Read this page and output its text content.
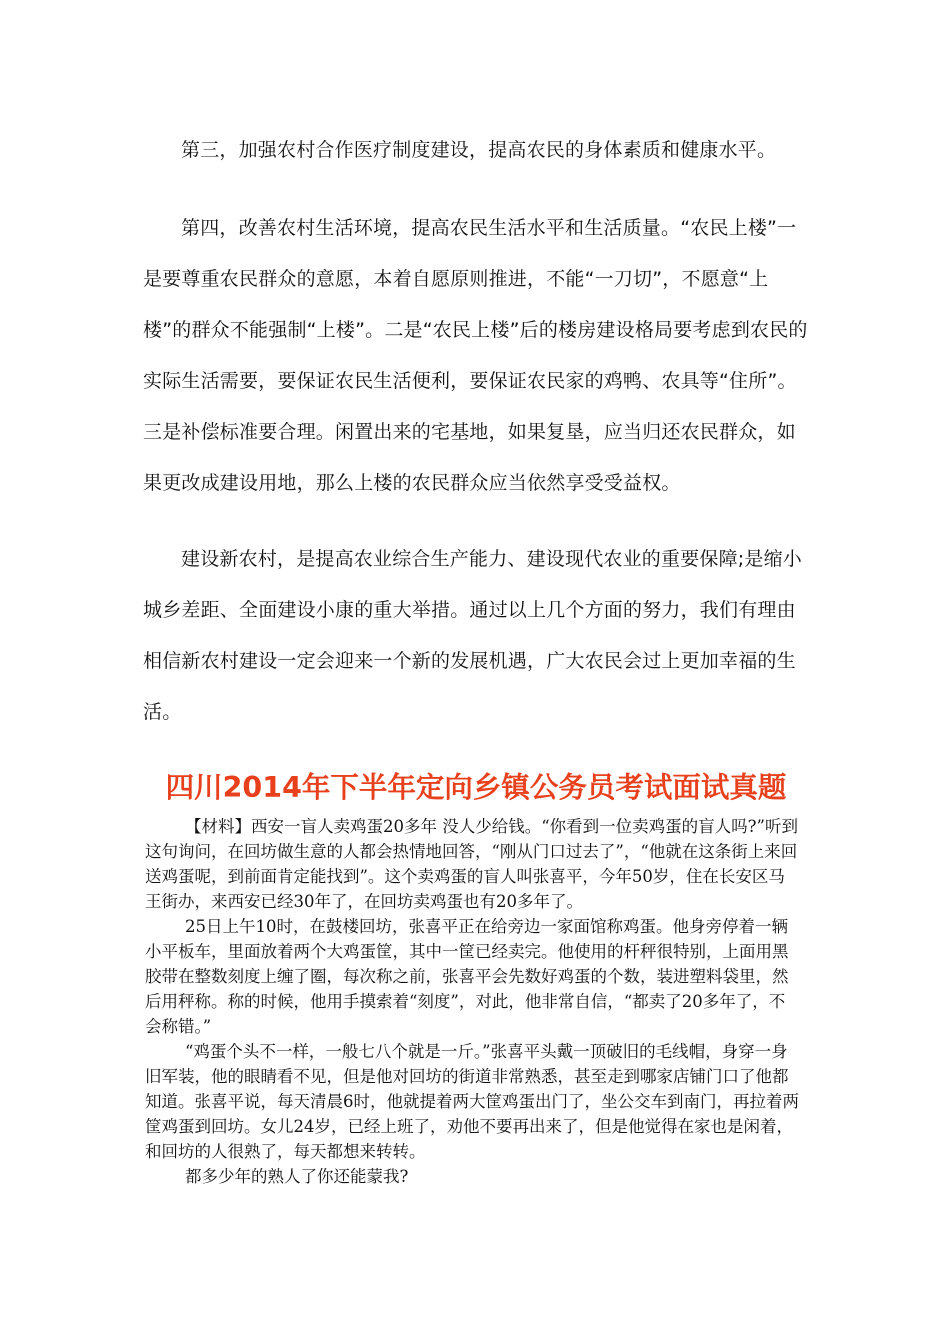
第三，加强农村合作医疗制度建设，提高农民的身体素质和健康水平。

第四，改善农村生活环境，提高农民生活水平和生活质量。“农民上楼”一是要尊重农民群众的意愿，本着自愿原则推进，不能“一刀切”，不愿意“上楼”的群众不能强制“上楼”。二是“农民上楼”后的楼房建设格局要考虑到农民的实际生活需要，要保证农民生活便利，要保证农民家的鸡鸭、农具等“住所”。三是补偿标准要合理。闲置出来的宅基地，如果复垦，应当归还农民群众，如果更改成建设用地，那么上楼的农民群众应当依然享受受益权。

建设新农村，是提高农业综合生产能力、建设现代农业的重要保障;是缩小城乡差距、全面建设小康的重大举措。通过以上几个方面的努力，我们有理由相信新农村建设一定会迎来一个新的发展机遇，广大农民会过上更加幸福的生活。

四川2014年下半年定向乡镇公务员考试面试真题

【材料】西安一盲人卖鸡蛋20多年 没人少给钱。“你看到一位卖鸡蛋的盲人吗?”听到这句询问，在回坊做生意的人都会热情地回答，“刚从门口过去了”，“他就在这条街上来回送鸡蛋呢，到前面肯定能找到”。这个卖鸡蛋的盲人叫张喜平，今年50岁，住在长安区马王街办，来西安已经30年了，在回坊卖鸡蛋也有20多年了。

25日上午10时，在鼓楼回坊，张喜平正在给旁边一家面馆称鸡蛋。他身旁停着一辆小平板车，里面放着两个大鸡蛋筐，其中一筐已经卖完。他使用的杆秤很特别，上面用黑胶带在整数刻度上缠了圈，每次称之前，张喜平会先数好鸡蛋的个数，装进塑料袋里，然后用秤称。称的时候，他用手摸索着“刻度”，对此，他非常自信，“都卖了20多年了，不会称错。”

“鸡蛋个头不一样，一般七八个就是一斤。”张喜平头戴一顶破旧的毛线帽，身穿一身旧军装，他的眼睛看不见，但是他对回坊的街道非常熟悉，甚至走到哪家店铺门口了他都知道。张喜平说，每天清晨6时，他就提着两大筐鸡蛋出门了，坐公交车到南门，再拉着两筐鸡蛋到回坊。女儿24岁，已经上班了，劝他不要再出来了，但是他觉得在家也是闲着，和回坊的人很熟了，每天都想来转转。

都多少年的熟人了你还能蒙我?
